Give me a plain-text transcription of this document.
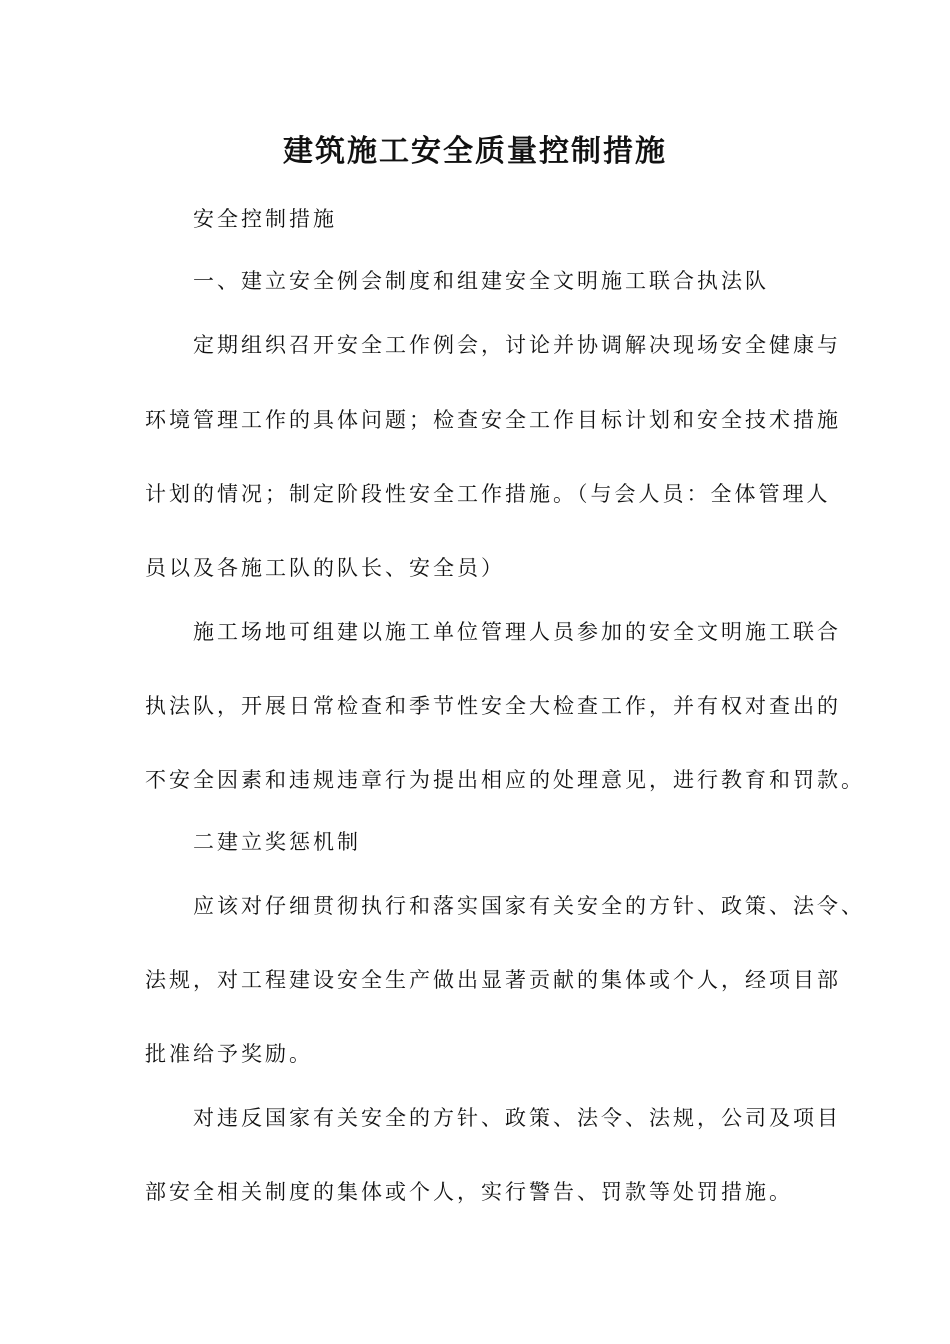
建筑施工安全质量控制措施
安全控制措施
一、建立安全例会制度和组建安全文明施工联合执法队
定期组织召开安全工作例会，讨论并协调解决现场安全健康与
环境管理工作的具体问题；检查安全工作目标计划和安全技术措施
计划的情况；制定阶段性安全工作措施。（与会人员：全体管理人
员以及各施工队的队长、安全员）
施工场地可组建以施工单位管理人员参加的安全文明施工联合
执法队，开展日常检查和季节性安全大检查工作，并有权对查出的
不安全因素和违规违章行为提出相应的处理意见，进行教育和罚款。
二建立奖惩机制
应该对仔细贯彻执行和落实国家有关安全的方针、政策、法令、
法规，对工程建设安全生产做出显著贡献的集体或个人，经项目部
批准给予奖励。
对违反国家有关安全的方针、政策、法令、法规，公司及项目
部安全相关制度的集体或个人，实行警告、罚款等处罚措施。
